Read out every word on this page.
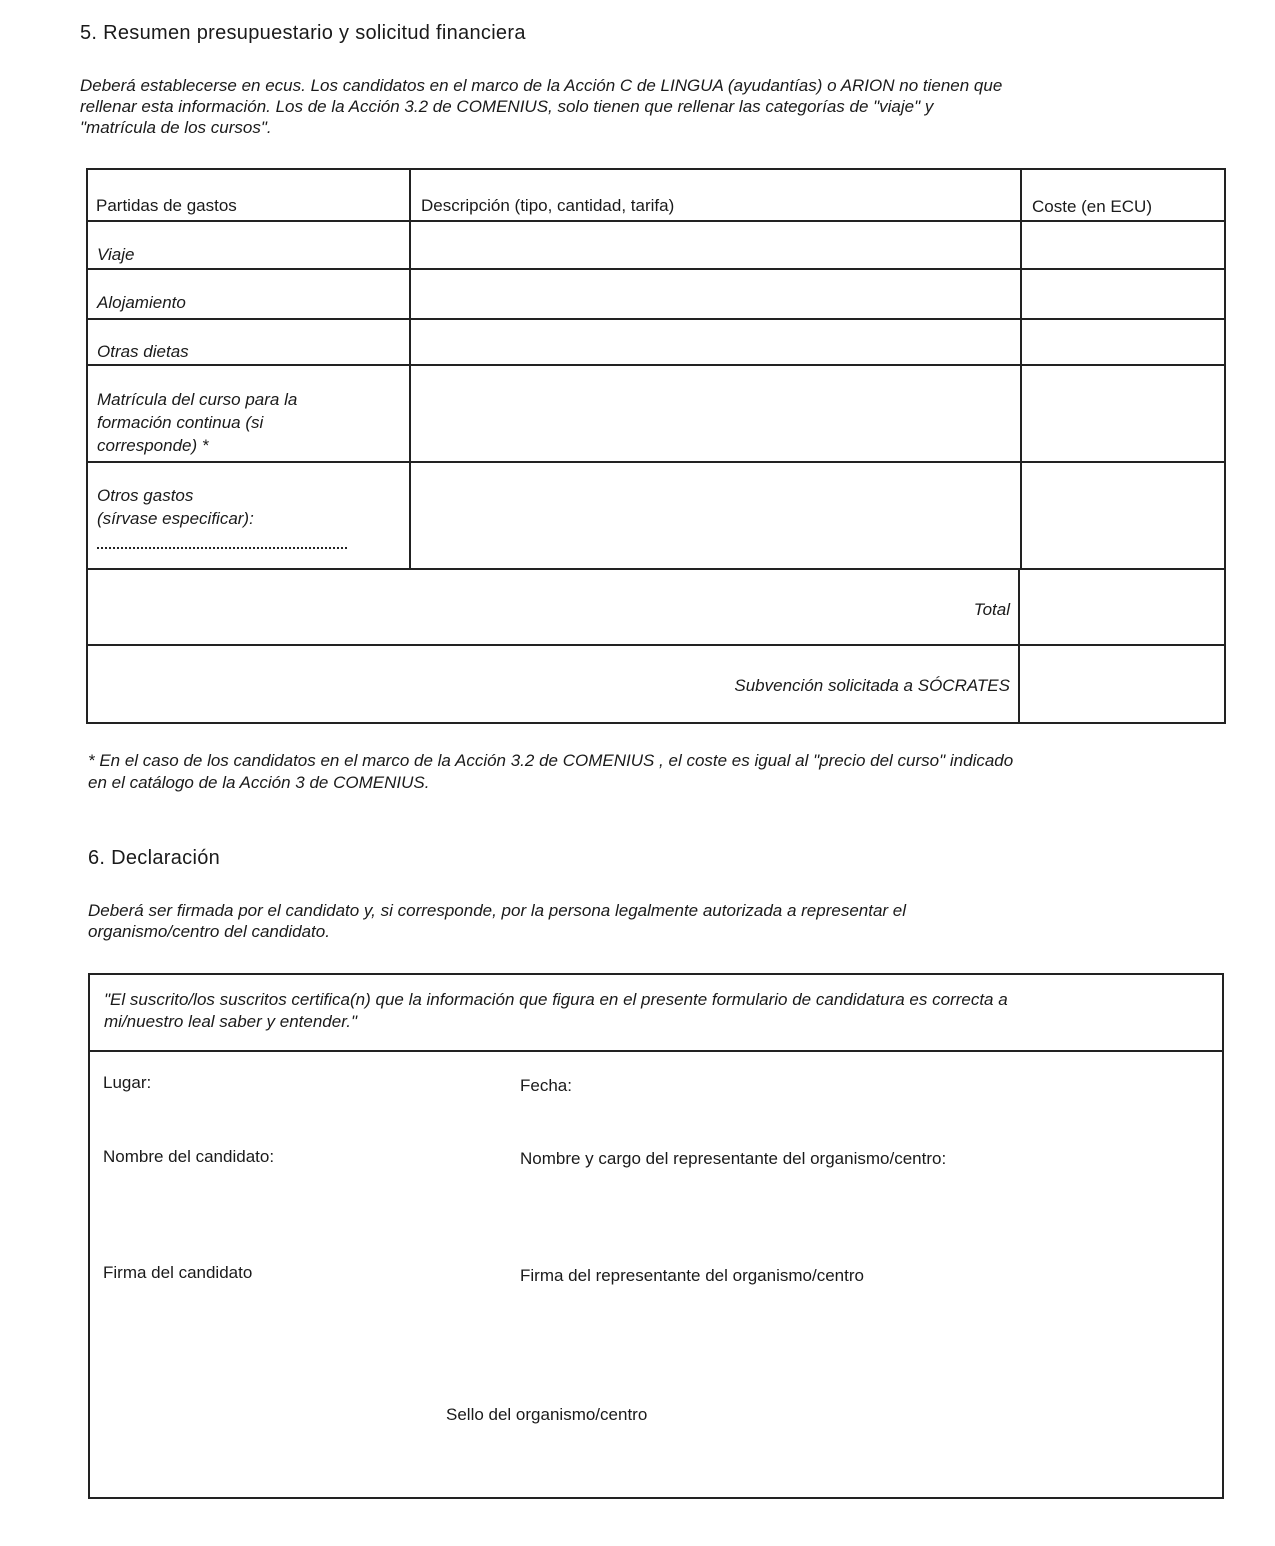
5. Resumen presupuestario y solicitud financiera
Deberá establecerse en ecus. Los candidatos en el marco de la Acción C de LINGUA (ayudantías) o ARION no tienen que
rellenar esta información. Los de la Acción 3.2 de COMENIUS, solo tienen que rellenar las categorías de "viaje" y
"matrícula de los cursos".
Partidas de gastos	Descripción (tipo, cantidad, tarifa)	Coste (en ECU)
Viaje
Alojamiento
Otras dietas
Matrícula del curso para la
formación continua (si
corresponde) *
Otros gastos
(sírvase especificar):
Total
Subvención solicitada a SÓCRATES
* En el caso de los candidatos en el marco de la Acción 3.2 de COMENIUS , el coste es igual al "precio del curso" indicado
en el catálogo de la Acción 3 de COMENIUS.
6. Declaración
Deberá ser firmada por el candidato y, si corresponde, por la persona legalmente autorizada a representar el
organismo/centro del candidato.
"El suscrito/los suscritos certifica(n) que la información que figura en el presente formulario de candidatura es correcta a
mi/nuestro leal saber y entender."
Lugar:	Fecha:
Nombre del candidato:	Nombre y cargo del representante del organismo/centro:
Firma del candidato	Firma del representante del organismo/centro
Sello del organismo/centro
